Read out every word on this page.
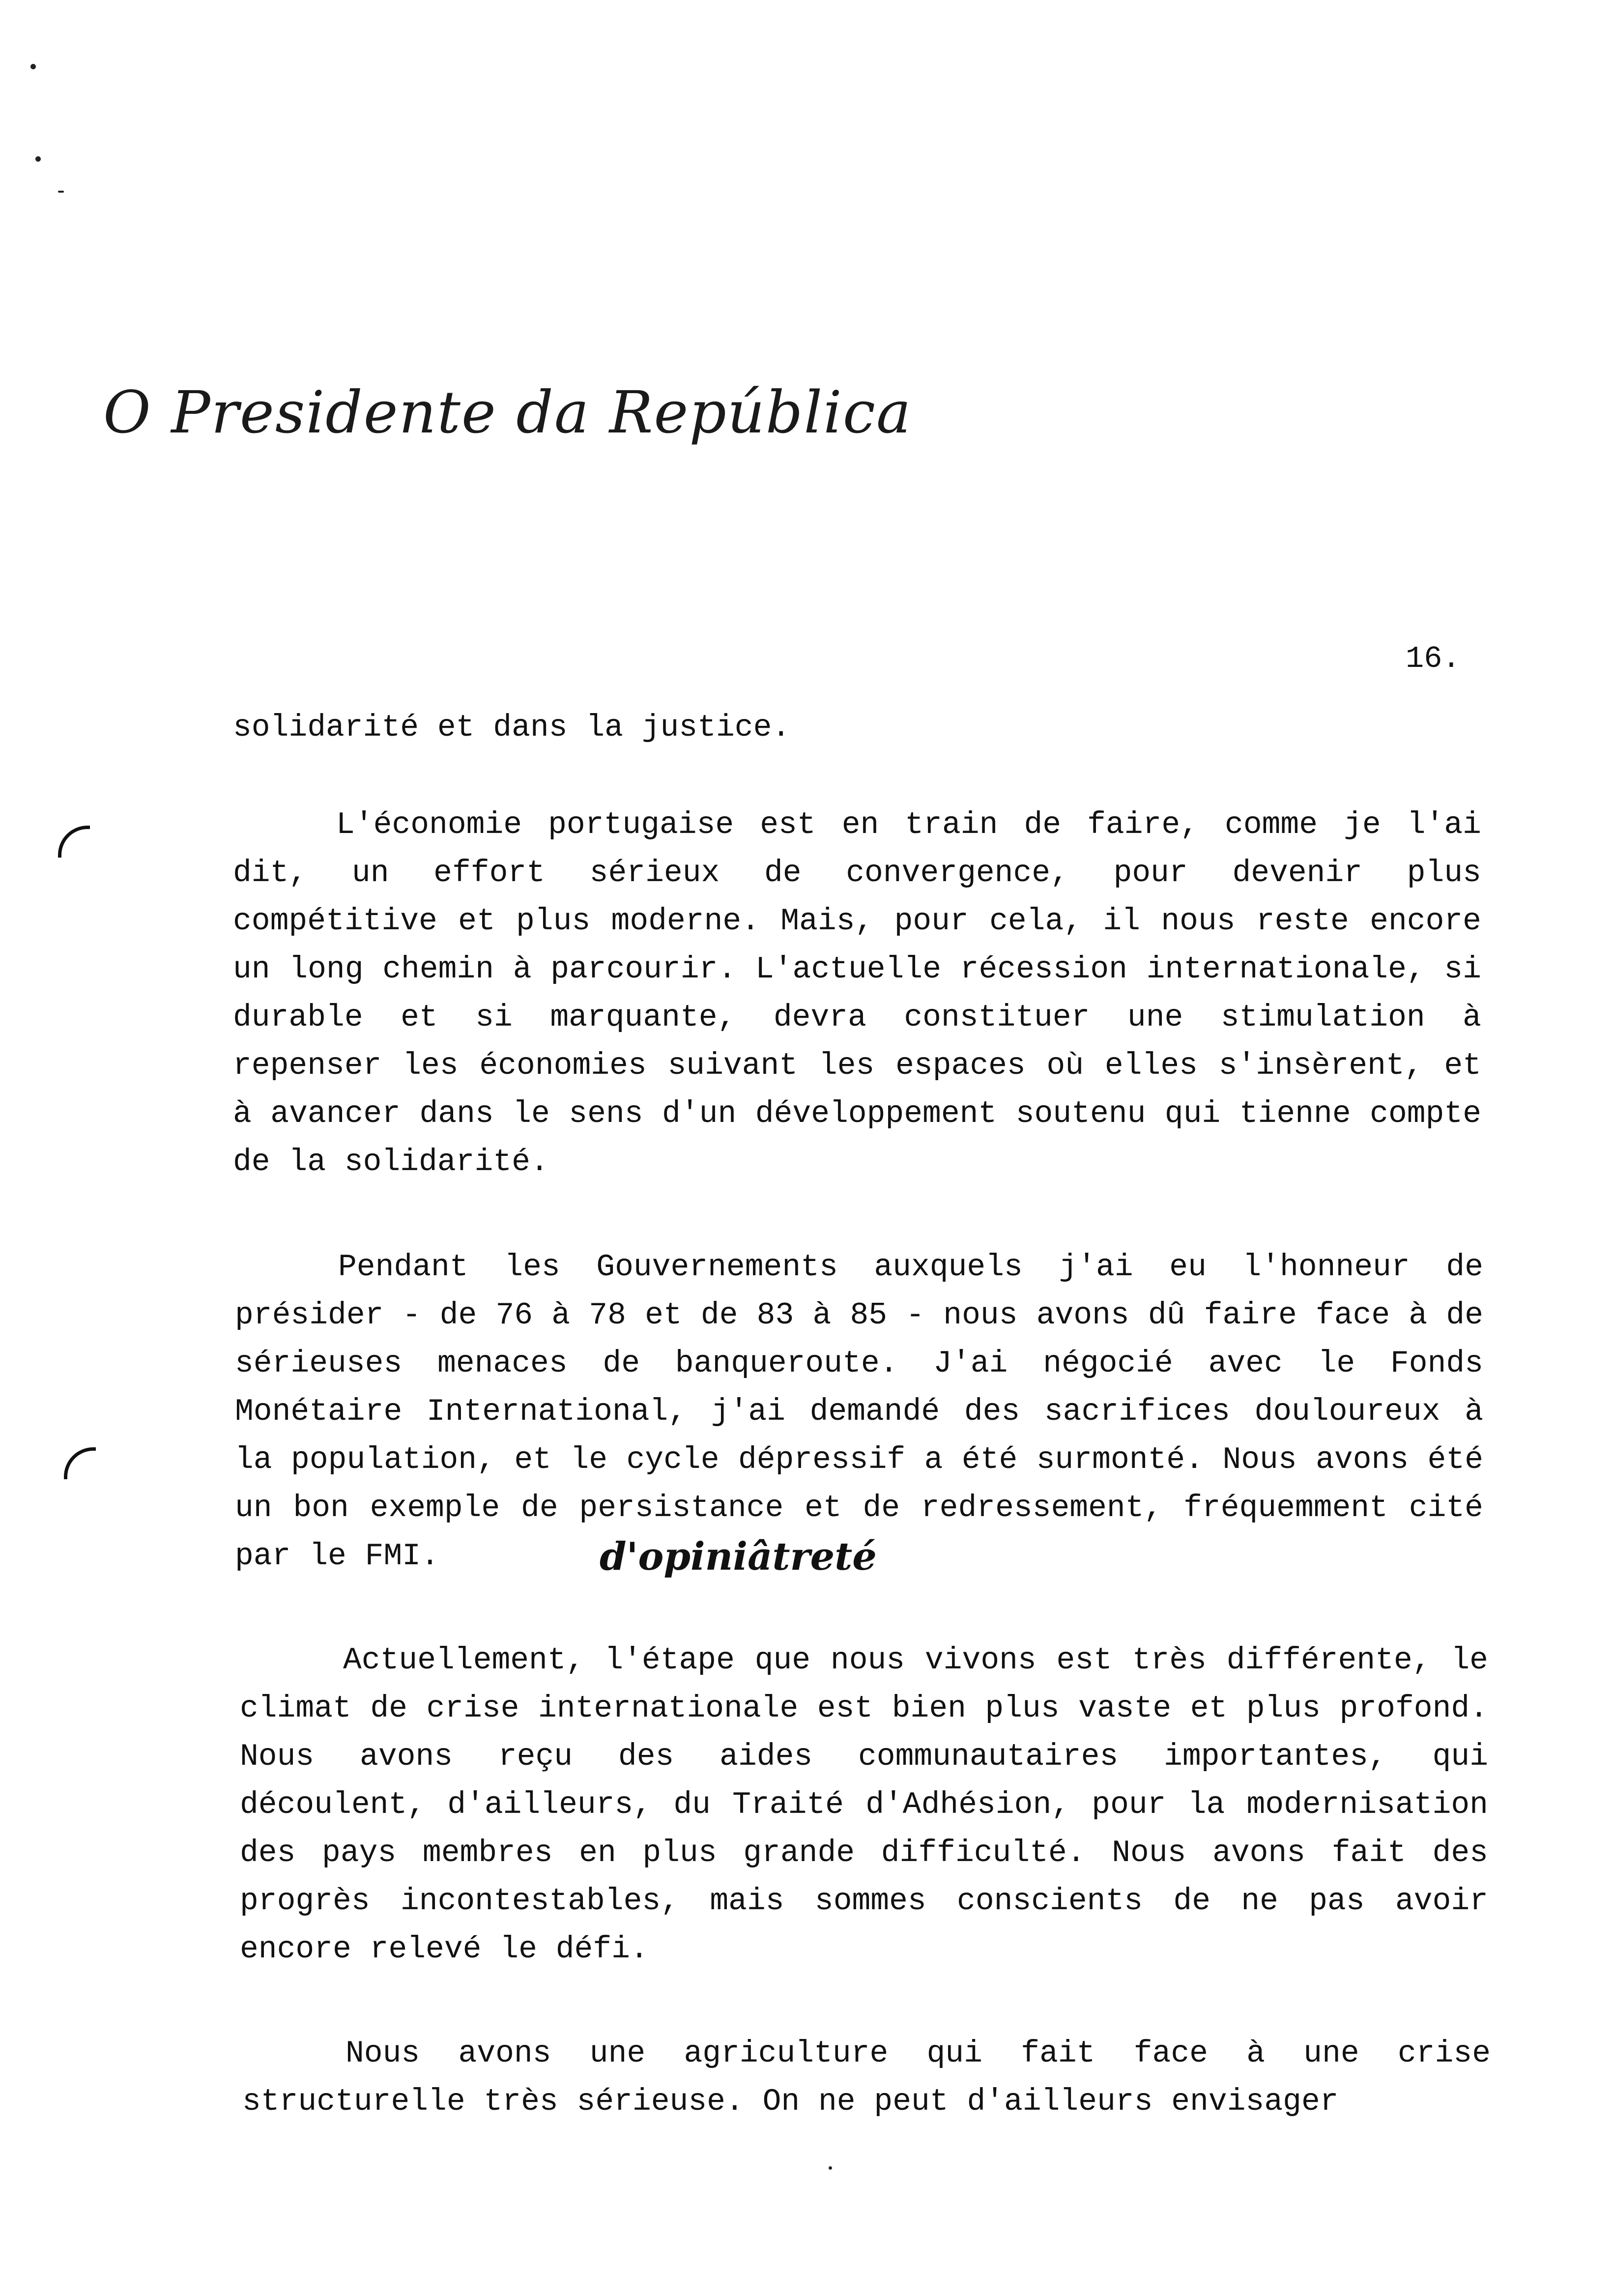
O Presidente da República
16.
solidarité et dans la justice.
L'économie portugaise est en train de faire, comme je l'ai dit, un effort sérieux de convergence, pour devenir plus compétitive et plus moderne. Mais, pour cela, il nous reste encore un long chemin à parcourir. L'actuelle récession internationale, si durable et si marquante, devra constituer une stimulation à repenser les économies suivant les espaces où elles s'insèrent, et à avancer dans le sens d'un développement soutenu qui tienne compte de la solidarité.
Pendant les Gouvernements auxquels j'ai eu l'honneur de présider - de 76 à 78 et de 83 à 85 - nous avons dû faire face à de sérieuses menaces de banqueroute. J'ai négocié avec le Fonds Monétaire International, j'ai demandé des sacrifices douloureux à la population, et le cycle dépressif a été surmonté. Nous avons été un bon exemple de persistance et de redressement, fréquemment cité par le FMI.	d'opiniâtreté
Actuellement, l'étape que nous vivons est très différente, le climat de crise internationale est bien plus vaste et plus profond. Nous avons reçu des aides communautaires importantes, qui découlent, d'ailleurs, du Traité d'Adhésion, pour la modernisation des pays membres en plus grande difficulté. Nous avons fait des progrès incontestables, mais sommes conscients de ne pas avoir encore relevé le défi.
Nous avons une agriculture qui fait face à une crise structurelle très sérieuse. On ne peut d'ailleurs envisager
